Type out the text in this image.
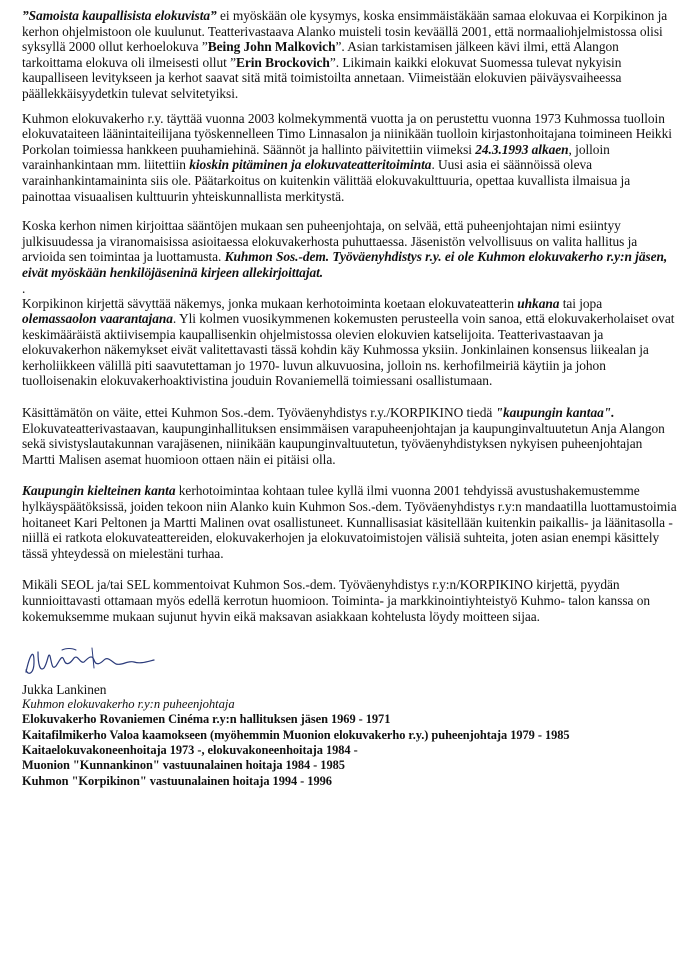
”Samoista kaupallisista elokuvista” ei myöskään ole kysymys, koska ensimmäistäkään samaa elokuvaa ei Korpikinon ja kerhon ohjelmistoon ole kuulunut. Teatterivastaava Alanko muisteli tosin keväällä 2001, että normaaliohjelmistossa olisi syksyllä 2000 ollut kerhoelokuva ”Being John Malkovich”. Asian tarkistamisen jälkeen kävi ilmi, että Alangon tarkoittama elokuva oli ilmeisesti ollut ”Erin Brockovich”. Likimain kaikki elokuvat Suomessa tulevat nykyisin kaupalliseen levitykseen ja kerhot saavat sitä mitä toimistoilta annetaan. Viimeistään elokuvien päiväysvaiheessa päällekkäisyydetkin tulevat selvitetyiksi.

Kuhmon elokuvakerho r.y. täyttää vuonna 2003 kolmekymmentä vuotta ja on perustettu vuonna 1973 Kuhmossa tuolloin elokuvataiteen läänintaiteilijana työskennelleen Timo Linnasalon ja niinikään tuolloin kirjastonhoitajana toimineen Heikki Porkolan toimiessa hankkeen puuhamiehinä. Säännöt ja hallinto päivitettiin viimeksi 24.3.1993 alkaen, jolloin varainhankintaan mm. liitettiin kioskin pitäminen ja elokuvateatteritoiminta. Uusi asia ei säännöissä oleva varainhankintamaininta siis ole. Päätarkoitus on kuitenkin välittää elokuvakulttuuria, opettaa kuvallista ilmaisua ja painottaa visuaalisen kulttuurin yhteiskunnallista merkitystä.

Koska kerhon nimen kirjoittaa sääntöjen mukaan sen puheenjohtaja, on selvää, että puheenjohtajan nimi esiintyy julkisuudessa ja viranomaisissa asioitaessa elokuvakerhosta puhuttaessa. Jäsenistön velvollisuus on valita hallitus ja arvioida sen toimintaa ja luottamusta. Kuhmon Sos.-dem. Työväenyhdistys r.y. ei ole Kuhmon elokuvakerho r.y:n jäsen, eivät myöskään henkilöjäseninä kirjeen allekirjoittajat.

.

Korpikinon kirjettä sävyttää näkemys, jonka mukaan kerhotoiminta koetaan elokuvateatterin uhkana tai jopa olemassaolon vaarantajana. Yli kolmen vuosikymmenen kokemusten perusteella voin sanoa, että elokuvakerholaiset ovat keskimääräistä aktiivisempia kaupallisenkin ohjelmistossa olevien elokuvien katselijoita. Teatterivastaavan ja elokuvakerhon näkemykset eivät valitettavasti tässä kohdin käy Kuhmossa yksiin. Jonkinlainen konsensus liikealan ja kerholiikkeen välillä piti saavutettaman jo 1970- luvun alkuvuosina, jolloin ns. kerhofilmeiriä käytiin ja johon tuolloisenakin elokuvakerhoaktivistina jouduin Rovaniemellä toimiessani osallistumaan.

Käsittämätön on väite, ettei Kuhmon Sos.-dem. Työväenyhdistys r.y./KORPIKINO tiedä "kaupungin kantaa". Elokuvateatterivastaavan, kaupunginhallituksen ensimmäisen varapuheenjohtajan ja kaupunginvaltuutetun Anja Alangon sekä sivistyslautakunnan varajäsenen, niinikään kaupunginvaltuutetun, työväenyhdistyksen nykyisen puheenjohtajan Martti Malisen asemat huomioon ottaen näin ei pitäisi olla.

Kaupungin kielteinen kanta kerhotoimintaa kohtaan tulee kyllä ilmi vuonna 2001 tehdyissä avustushakemustemme hylkäyspäätöksissä, joiden tekoon niin Alanko kuin Kuhmon Sos.-dem. Työväenyhdistys r.y:n mandaatilla luottamustoimia hoitaneet Kari Peltonen ja Martti Malinen ovat osallistuneet. Kunnallisasiat käsitellään kuitenkin paikallis- ja läänitasolla - niillä ei ratkota elokuvateattereiden, elokuvakerhojen ja elokuvatoimistojen välisiä suhteita, joten asian enempi käsittely tässä yhteydessä on mielestäni turhaa.

Mikäli SEOL ja/tai SEL kommentoivat Kuhmon Sos.-dem. Työväenyhdistys r.y:n/KORPIKINO kirjettä, pyydän kunnioittavasti ottamaan myös edellä kerrotun huomioon. Toiminta- ja markkinointiyhteistyö Kuhmo- talon kanssa on kokemuksemme mukaan sujunut hyvin eikä maksavan asiakkaan kohtelusta löydy moitteen sijaa.

Jukka Lankinen
Kuhmon elokuvakerho r.y:n puheenjohtaja
Elokuvakerho Rovaniemen Cinéma r.y:n hallituksen jäsen 1969 - 1971
Kaitafilmikerho Valoa kaamokseen (myöhemmin Muonion elokuvakerho r.y.) puheenjohtaja 1979 - 1985
Kaitaelokuvakoneenhoitaja 1973 -, elokuvakoneenhoitaja 1984 -
Muonion "Kunnankinon" vastuunalainen hoitaja 1984 - 1985
Kuhmon "Korpikinon" vastuunalainen hoitaja 1994 - 1996
